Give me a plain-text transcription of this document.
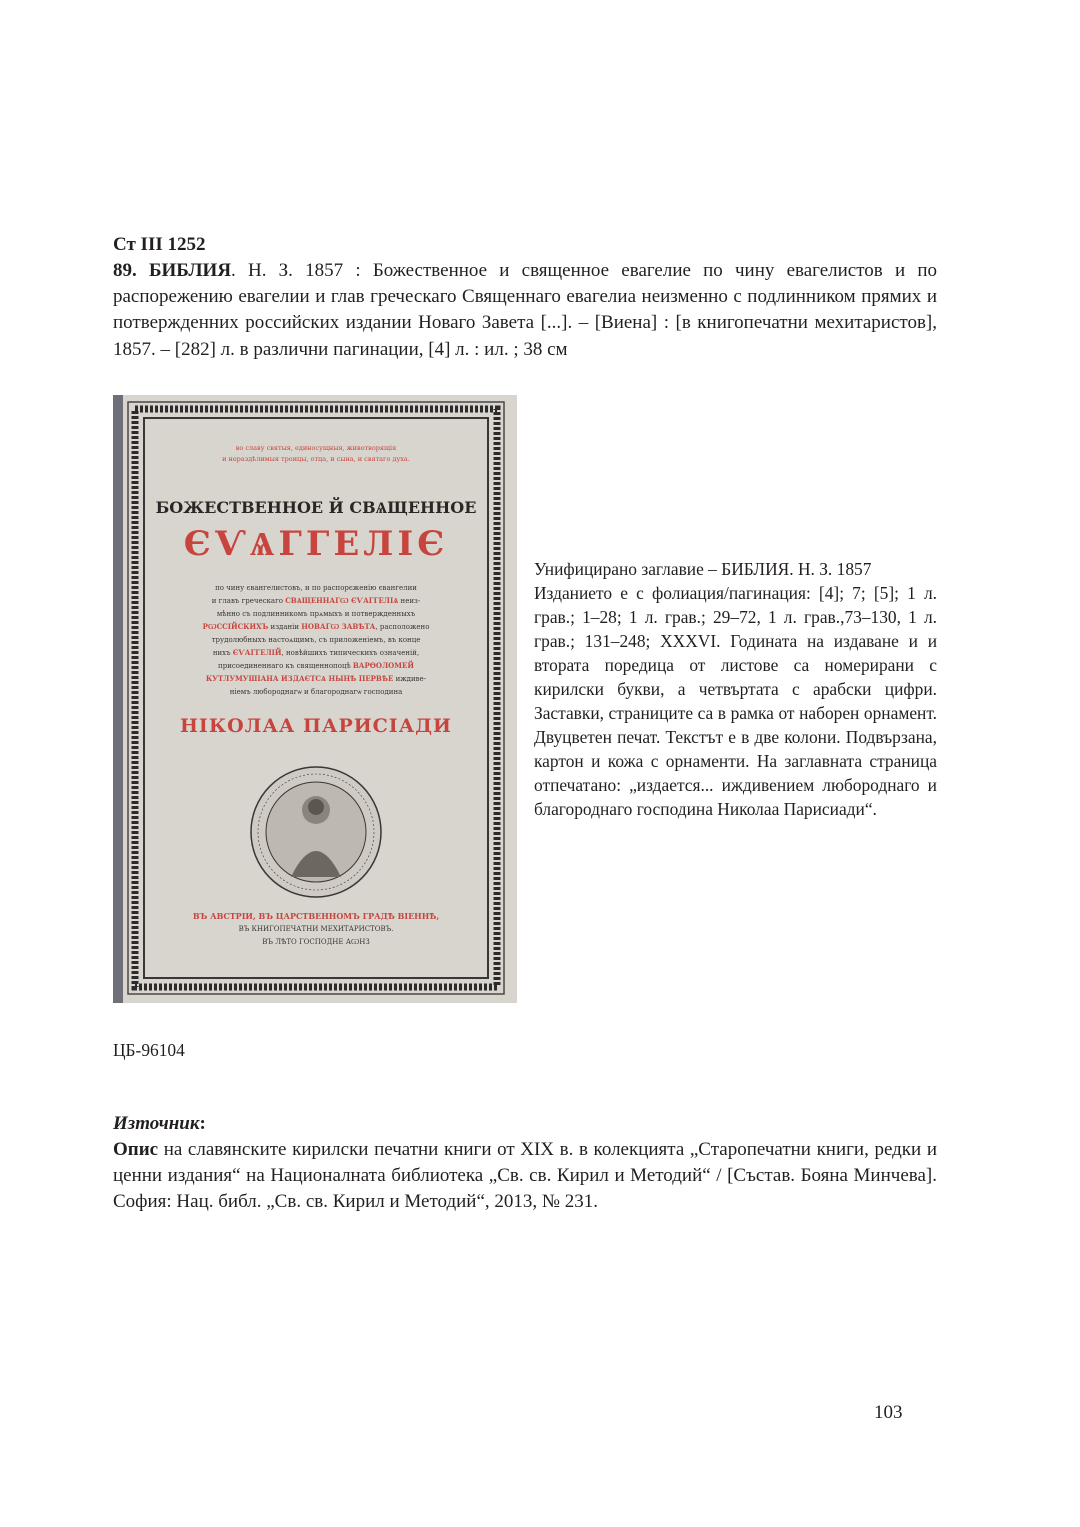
Ст III 1252
89. БИБЛИЯ. Н. З. 1857 : Божественное и священное евагелие по чину евагелистов и по распорежению евагелии и глав греческаго Священнаго евагелиа неизменно с подлинником прямих и потвержденних российских издании Новаго Завета [...]. – [Виена] : [в книгопечатни мехитаристов], 1857. – [282] л. в различни пагинации, [4] л. : ил. ; 38 см
во славу святыя, единосущныя, животворящія
и нераздѣлимыя троицы, отца, и сына, и святаго духа.
БОЖЕСТВЕННОЕ Й СВѦЩЕННОЕ
ЄѴѦГГЕЛІЄ
по чину євангелистовъ, и по распорєженію євангелии
и главъ греческаго СВѦЩЕННАГѠ ЄѴАГГЕЛІѦ неиз-
мѣнно съ подлинникомъ прѧмыхъ и потвержденныхъ
РѠССІЙСКИХЪ изданіи НОВАГѠ ЗАВѢТА, расположено
трудолюбныхъ настоѧщимъ, съ приложеніемъ, въ конце
нихъ ЄѴАГГЕЛІЙ, новѣйшихъ типическихъ означеній,
присоединеннаго къ священнопоцѣ ВАРѲОЛОМЕЙ
КУТЛУМУШІАНА ИЗДАЄТСѦ НЫНѢ ПЕРВѢЕ иждиве-
ніемъ любороднагѡ и благороднагѡ господина
НІКОЛАА ПАРИСІАДИ
ВЪ АВСТРІИ, ВЪ ЦАРСТВЕННОМЪ ГРАДѢ ВІЕННѢ,
ВЪ КНИГОПЕЧАТНИ МЕХИТАРИСТОВЪ.
ВЪ ЛѢТО ГОСПОДНЕ АѠНЗ
Унифицирано заглавие – БИБЛИЯ. Н. З. 1857
Изданието е с фолиация/пагинация: [4]; 7; [5]; 1 л. грав.; 1–28; 1 л. грав.; 29–72, 1 л. грав.,73–130, 1 л. грав.; 131–248; XXXVI. Годината на издаване и и втората поредица от листове са номерирани с кирилски букви, а четвъртата с арабски цифри. Заставки, страниците са в рамка от наборен орнамент. Двуцветен печат. Текстът е в две колони. Подвързана, картон и кожа с орнаменти. На заглавната страница отпечатано: „издается... иждивением любороднаго и благороднаго господина Николаа Парисиади“.
ЦБ-96104
Източник:
Опис на славянските кирилски печатни книги от XIX в. в колекцията „Старопечатни книги, редки и ценни издания“ на Националната библиотека „Св. св. Кирил и Методий“ / [Състав. Бояна Минчева]. София: Нац. библ. „Св. св. Кирил и Методий“, 2013, № 231.
103
